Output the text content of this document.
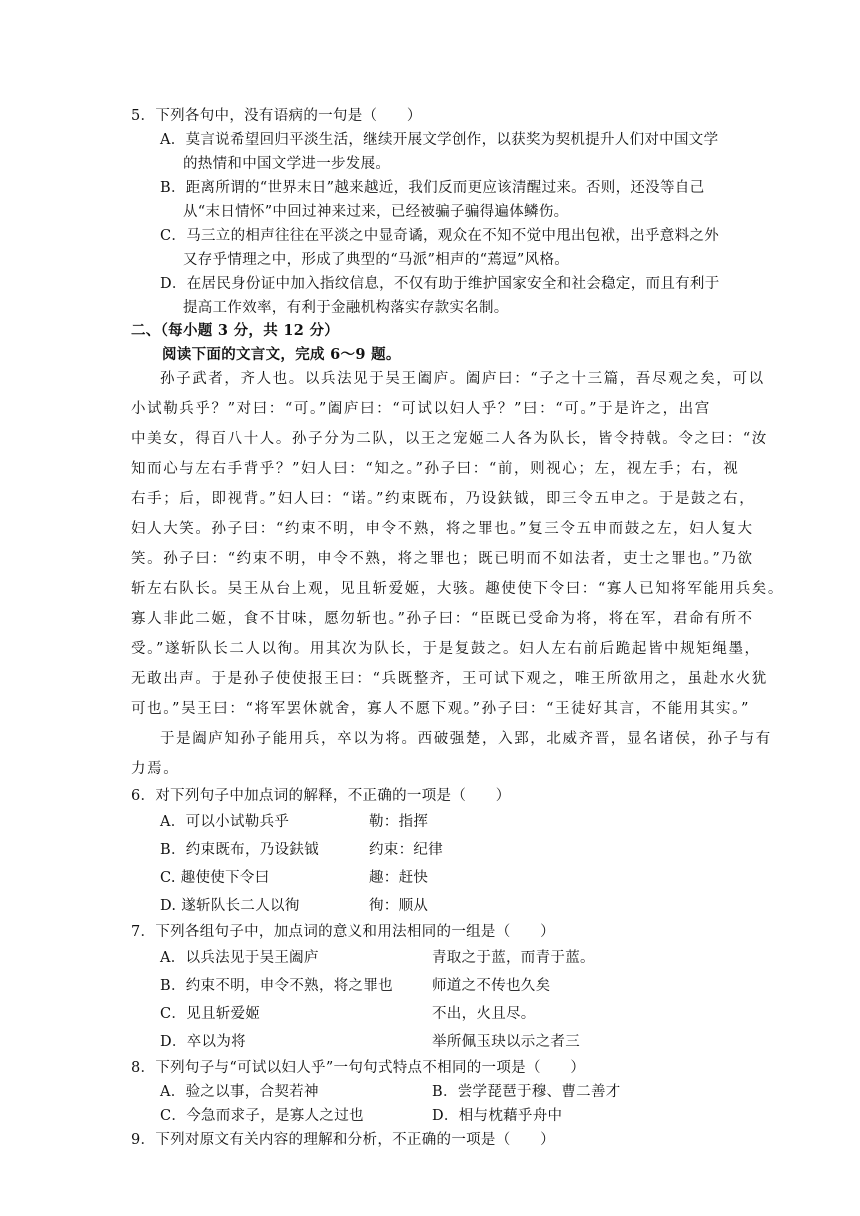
5．下列各句中，没有语病的一句是（　　）
A．莫言说希望回归平淡生活，继续开展文学创作，以获奖为契机提升人们对中国文学
的热情和中国文学进一步发展。
B．距离所谓的“世界末日”越来越近，我们反而更应该清醒过来。否则，还没等自己
从“末日情怀”中回过神来过来，已经被骗子骗得遍体鳞伤。
C．马三立的相声往往在平淡之中显奇谲，观众在不知不觉中甩出包袱，出乎意料之外
又存乎情理之中，形成了典型的“马派”相声的“蔫逗”风格。
D．在居民身份证中加入指纹信息，不仅有助于维护国家安全和社会稳定，而且有利于
提高工作效率，有利于金融机构落实存款实名制。
二、（每小题 3 分，共 12 分）
阅读下面的文言文，完成 6～9 题。
孙子武者，齐人也。以兵法见于吴王阖庐。阖庐曰：“子之十三篇，吾尽观之矣，可以
小试勒兵乎？”对曰：“可。”阖庐曰：“可试以妇人乎？”曰：“可。”于是许之，出宫
中美女，得百八十人。孙子分为二队，以王之宠姬二人各为队长，皆令持戟。令之曰：“汝
知而心与左右手背乎？”妇人曰：“知之。”孙子曰：“前，则视心；左，视左手；右，视
右手；后，即视背。”妇人曰：“诺。”约束既布，乃设鈇钺，即三令五申之。于是鼓之右，
妇人大笑。孙子曰：“约束不明，申令不熟，将之罪也。”复三令五申而鼓之左，妇人复大
笑。孙子曰：“约束不明，申令不熟，将之罪也；既已明而不如法者，吏士之罪也。”乃欲
斩左右队长。吴王从台上观，见且斩爱姬，大骇。趣使使下令曰：“寡人已知将军能用兵矣。
寡人非此二姬，食不甘味，愿勿斩也。”孙子曰：“臣既已受命为将，将在军，君命有所不
受。”遂斩队长二人以徇。用其次为队长，于是复鼓之。妇人左右前后跪起皆中规矩绳墨，
无敢出声。于是孙子使使报王曰：“兵既整齐，王可试下观之，唯王所欲用之，虽赴水火犹
可也。”吴王曰：“将军罢休就舍，寡人不愿下观。”孙子曰：“王徒好其言，不能用其实。”
于是阖庐知孙子能用兵，卒以为将。西破强楚，入郢，北威齐晋，显名诸侯，孙子与有
力焉。
6．对下列句子中加点词的解释，不正确的一项是（　　）
A．可以小试勒兵乎	勒：指挥
B．约束既布，乃设鈇钺	约束：纪律
C. 趣使使下令曰	趣：赶快
D. 遂斩队长二人以徇	徇：顺从
7．下列各组句子中，加点词的意义和用法相同的一组是（　　）
A．以兵法见于吴王阖庐	青取之于蓝，而青于蓝。
B．约束不明，申令不熟，将之罪也	师道之不传也久矣
C．见且斩爱姬	不出，火且尽。
D．卒以为将	举所佩玉玦以示之者三
8．下列句子与“可试以妇人乎”一句句式特点不相同的一项是（　　）
A．验之以事，合契若神	B．尝学琵琶于穆、曹二善才
C．今急而求子，是寡人之过也	D．相与枕藉乎舟中
9．下列对原文有关内容的理解和分析，不正确的一项是（　　）
